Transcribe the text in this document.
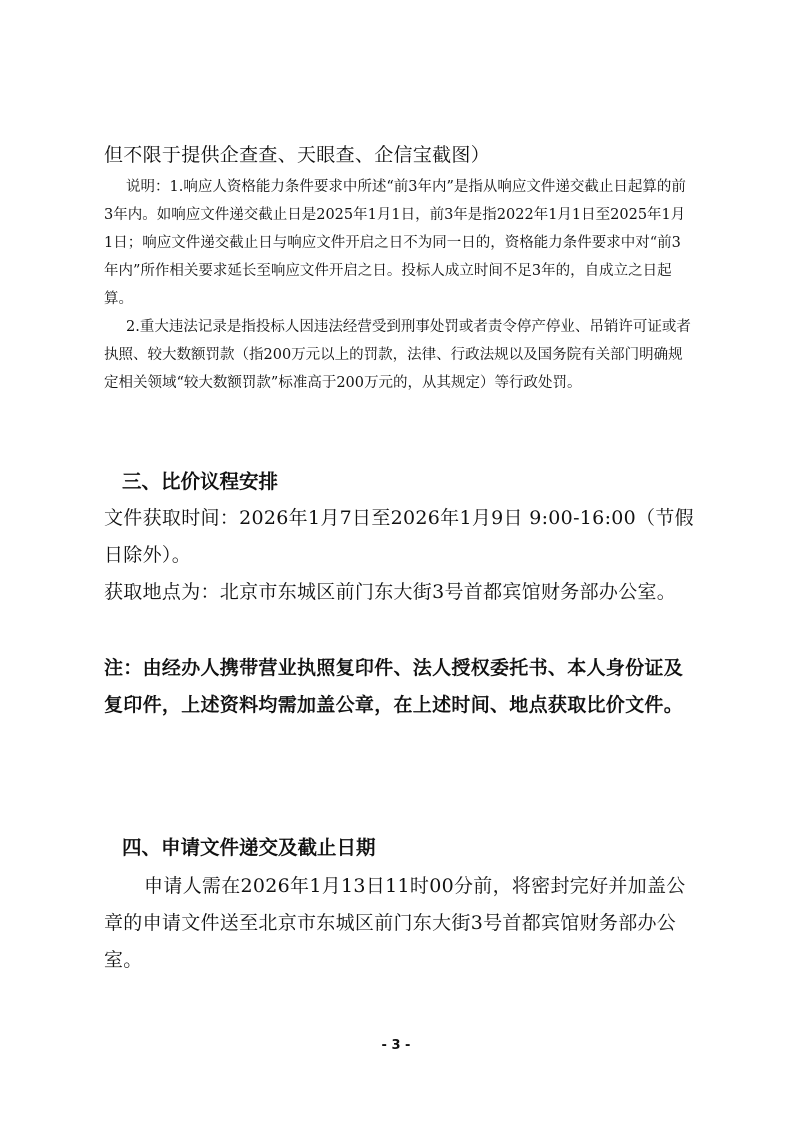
但不限于提供企查查、天眼查、企信宝截图）

说明：1.响应人资格能力条件要求中所述“前3年内”是指从响应文件递交截止日起算的前3年内。如响应文件递交截止日是2025年1月1日，前3年是指2022年1月1日至2025年1月1日；响应文件递交截止日与响应文件开启之日不为同一日的，资格能力条件要求中对“前3年内”所作相关要求延长至响应文件开启之日。投标人成立时间不足3年的，自成立之日起算。

2.重大违法记录是指投标人因违法经营受到刑事处罚或者责令停产停业、吊销许可证或者执照、较大数额罚款（指200万元以上的罚款，法律、行政法规以及国务院有关部门明确规定相关领域“较大数额罚款”标准高于200万元的，从其规定）等行政处罚。

三、比价议程安排

文件获取时间：2026年1月7日至2026年1月9日 9:00-16:00（节假日除外）。

获取地点为：北京市东城区前门东大街3号首都宾馆财务部办公室。

注：由经办人携带营业执照复印件、法人授权委托书、本人身份证及复印件，上述资料均需加盖公章，在上述时间、地点获取比价文件。

四、申请文件递交及截止日期

申请人需在2026年1月13日11时00分前，将密封完好并加盖公章的申请文件送至北京市东城区前门东大街3号首都宾馆财务部办公室。

- 3 -
